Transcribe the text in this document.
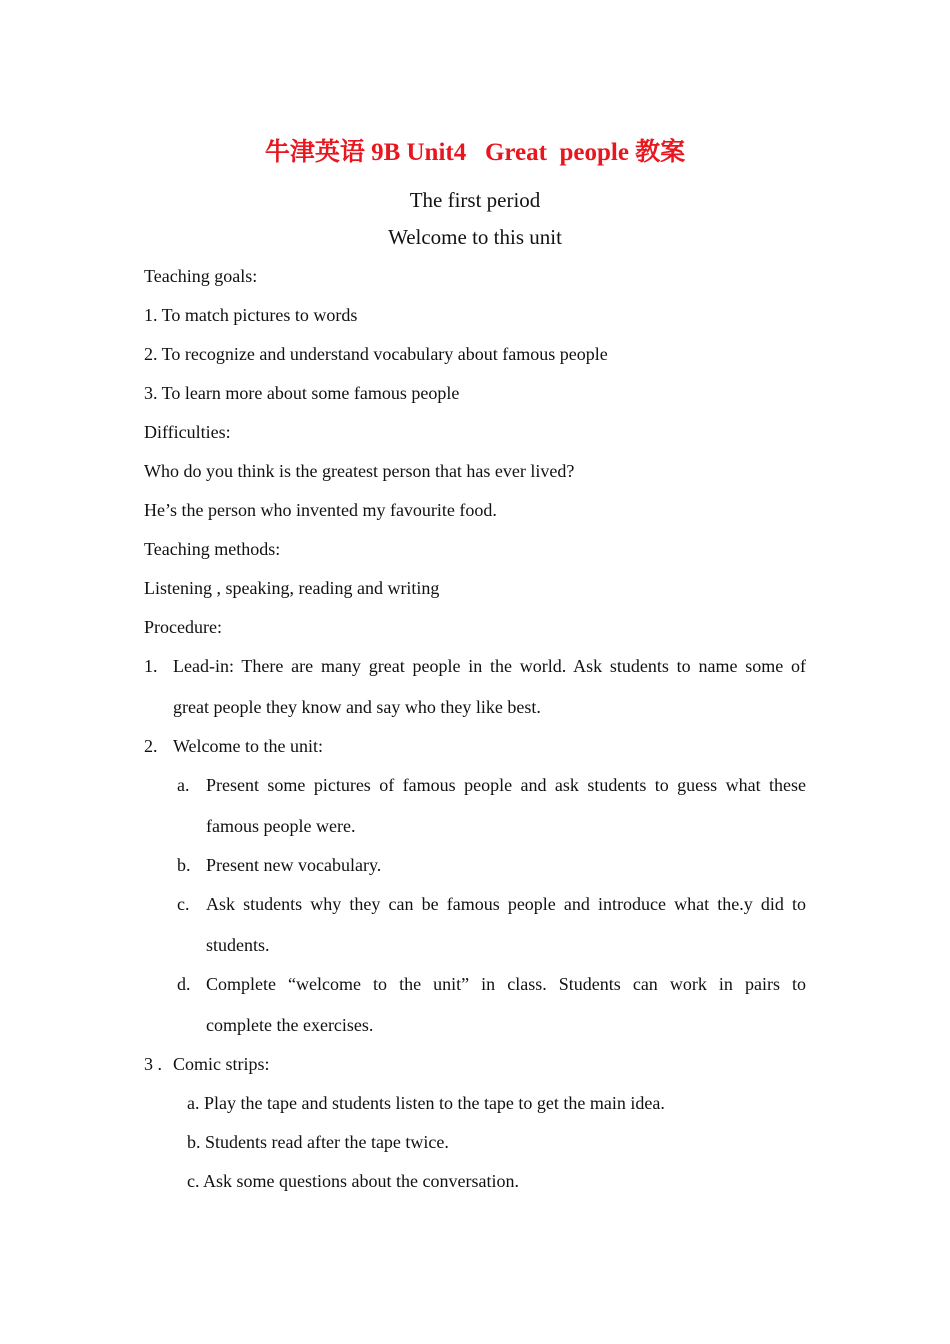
牛津英语 9B Unit4   Great  people 教案
The first period
Welcome to this unit
Teaching goals:
1. To match pictures to words
2. To recognize and understand vocabulary about famous people
3. To learn more about some famous people
Difficulties:
Who do you think is the greatest person that has ever lived?
He’s the person who invented my favourite food.
Teaching methods:
Listening , speaking, reading and writing
Procedure:
1. Lead-in: There are many great people in the world. Ask students to name some of
great people they know and say who they like best.
2. Welcome to the unit:
a. Present some pictures of famous people and ask students to guess what these
famous people were.
b. Present new vocabulary.
c. Ask students why they can be famous people and introduce what the.y did to
students.
d. Complete “welcome to the unit” in class. Students can work in pairs to
complete the exercises.
3 . Comic strips:
a. Play the tape and students listen to the tape to get the main idea.
b. Students read after the tape twice.
c. Ask some questions about the conversation.
